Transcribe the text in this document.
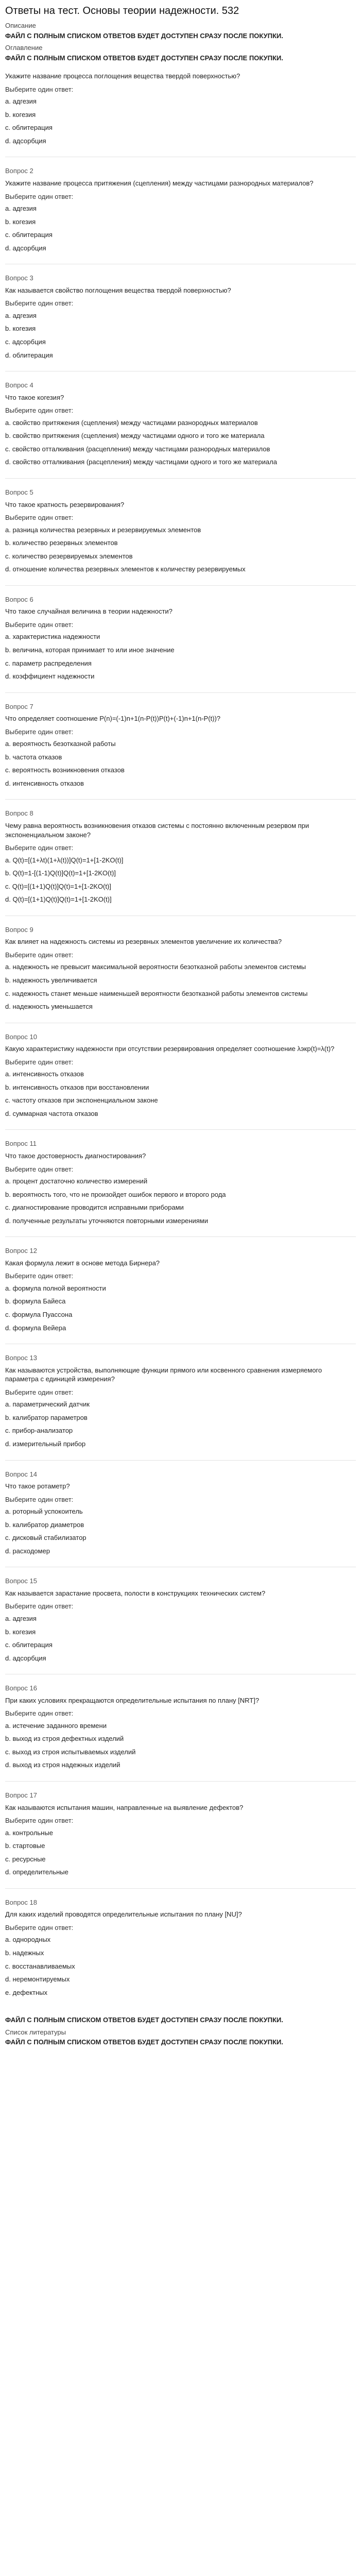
Ответы на тест. Основы теории надежности. 532
Описание
ФАЙЛ С ПОЛНЫМ СПИСКОМ ОТВЕТОВ БУДЕТ ДОСТУПЕН СРАЗУ ПОСЛЕ ПОКУПКИ.
Оглавление
ФАЙЛ С ПОЛНЫМ СПИСКОМ ОТВЕТОВ БУДЕТ ДОСТУПЕН СРАЗУ ПОСЛЕ ПОКУПКИ.
Укажите название процесса поглощения вещества твердой поверхностью?
Выберите один ответ:
a. адгезия
b. когезия
c. облитерация
d. адсорбция
Вопрос 2
Укажите название процесса притяжения (сцепления) между частицами разнородных материалов?
Выберите один ответ:
a. адгезия
b. когезия
c. облитерация
d. адсорбция
Вопрос 3
Как называется свойство поглощения вещества твердой поверхностью?
Выберите один ответ:
a. адгезия
b. когезия
c. адсорбция
d. облитерация
Вопрос 4
Что такое когезия?
Выберите один ответ:
a. свойство притяжения (сцепления) между частицами разнородных материалов
b. свойство притяжения (сцепления) между частицами одного и того же материала
c. свойство отталкивания (расцепления) между частицами разнородных материалов
d. свойство отталкивания (расцепления) между частицами одного и того же материала
Вопрос 5
Что такое кратность резервирования?
Выберите один ответ:
a. разница количества резервных и резервируемых элементов
b. количество резервных элементов
c. количество резервируемых элементов
d. отношение количества резервных элементов к количеству резервируемых
Вопрос 6
Что такое случайная величина в теории надежности?
Выберите один ответ:
a. характеристика надежности
b. величина, которая принимает то или иное значение
c. параметр распределения
d. коэффициент надежности
Вопрос 7
Что определяет соотношение P(n)=(-1)n+1(n-P(t))P(t)+(-1)n+1(n-P(t))?
Выберите один ответ:
a. вероятность безотказной работы
b. частота отказов
c. вероятность возникновения отказов
d. интенсивность отказов
Вопрос 8
Чему равна вероятность возникновения отказов системы с постоянно включенным резервом при экспоненциальном законе?
Выберите один ответ:
a. Q(t)=[(1+λt)(1+λ(t))]Q(t)=1+[1-2KO(t)]
b. Q(t)=1-[(1-1)Q(t)]Q(t)=1+[1-2KO(t)]
c. Q(t)=[(1+1)Q(t)]Q(t)=1+[1-2KO(t)]
d. Q(t)=[(1+1)Q(t)]Q(t)=1+[1-2KO(t)]
Вопрос 9
Как влияет на надежность системы из резервных элементов увеличение их количества?
Выберите один ответ:
a. надежность не превысит максимальной вероятности безотказной работы элементов системы
b. надежность увеличивается
c. надежность станет меньше наименьшей вероятности безотказной работы элементов системы
d. надежность уменьшается
Вопрос 10
Какую характеристику надежности при отсутствии резервирования определяет соотношение λэкр(t)=λ(t)?
Выберите один ответ:
a. интенсивность отказов
b. интенсивность отказов при восстановлении
c. частоту отказов при экспоненциальном законе
d. суммарная частота отказов
Вопрос 11
Что такое достоверность диагностирования?
Выберите один ответ:
a. процент достаточно количество измерений
b. вероятность того, что не произойдет ошибок первого и второго рода
c. диагностирование проводится исправными приборами
d. полученные результаты уточняются повторными измерениями
Вопрос 12
Какая формула лежит в основе метода Бирнера?
Выберите один ответ:
a. формула полной вероятности
b. формула Байеса
c. формула Пуассона
d. формула Вейера
Вопрос 13
Как называются устройства, выполняющие функции прямого или косвенного сравнения измеряемого параметра с единицей измерения?
Выберите один ответ:
a. параметрический датчик
b. калибратор параметров
c. прибор-анализатор
d. измерительный прибор
Вопрос 14
Что такое ротаметр?
Выберите один ответ:
a. роторный успокоитель
b. калибратор диаметров
c. дисковый стабилизатор
d. расходомер
Вопрос 15
Как называется зарастание просвета, полости в конструкциях технических систем?
Выберите один ответ:
a. адгезия
b. когезия
c. облитерация
d. адсорбция
Вопрос 16
При каких условиях прекращаются определительные испытания по плану [NRT]?
Выберите один ответ:
a. истечение заданного времени
b. выход из строя дефектных изделий
c. выход из строя испытываемых изделий
d. выход из строя надежных изделий
Вопрос 17
Как называются испытания машин, направленные на выявление дефектов?
Выберите один ответ:
a. контрольные
b. стартовые
c. ресурсные
d. определительные
Вопрос 18
Для каких изделий проводятся определительные испытания по плану [NU]?
Выберите один ответ:
a. однородных
b. надежных
c. восстанавливаемых
d. неремонтируемых
e. дефектных
ФАЙЛ С ПОЛНЫМ СПИСКОМ ОТВЕТОВ БУДЕТ ДОСТУПЕН СРАЗУ ПОСЛЕ ПОКУПКИ.
Список литературы
ФАЙЛ С ПОЛНЫМ СПИСКОМ ОТВЕТОВ БУДЕТ ДОСТУПЕН СРАЗУ ПОСЛЕ ПОКУПКИ.
